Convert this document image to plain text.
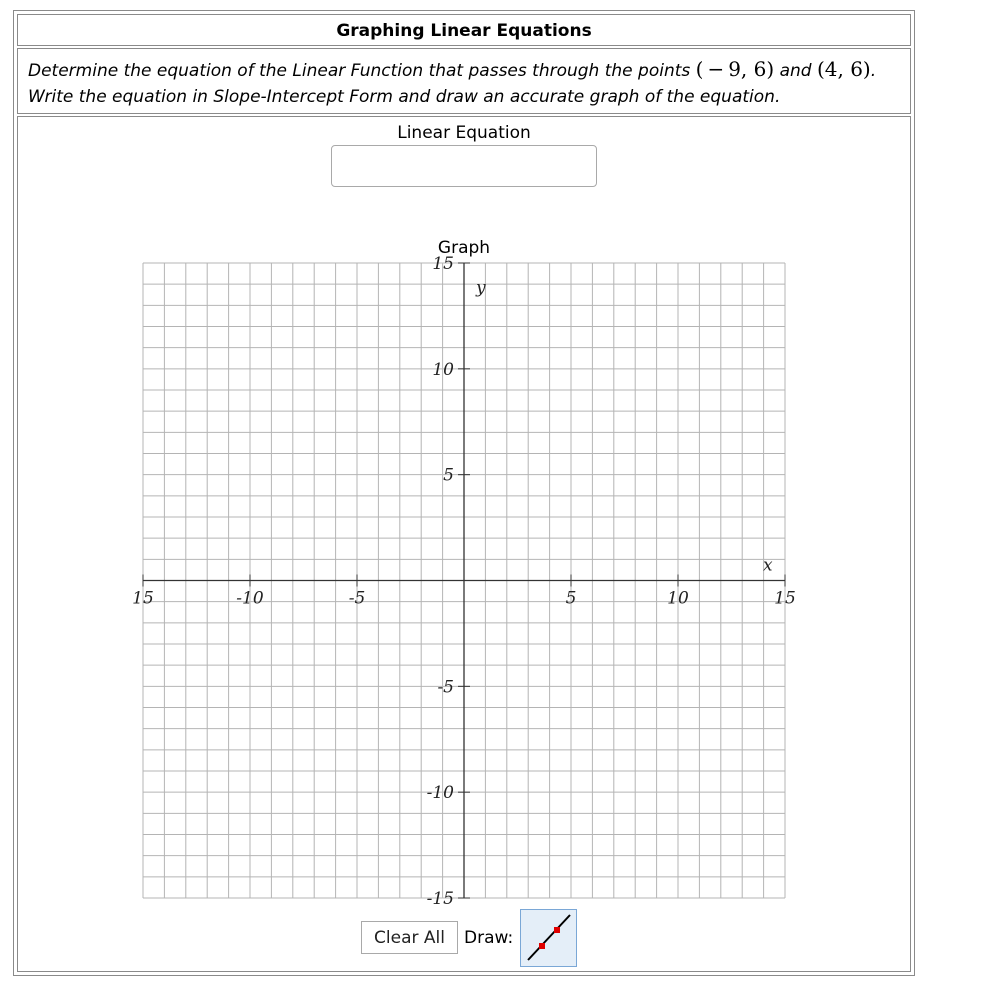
Graphing Linear Equations
Determine the equation of the Linear Function that passes through the points ( − 9, 6) and (4, 6).
Write the equation in Slope-Intercept Form and draw an accurate graph of the equation.
Linear Equation
Graph
15	-10	-5	5	10	15
15
10
5
-5
-10
-15
x
y
Clear All	Draw:
